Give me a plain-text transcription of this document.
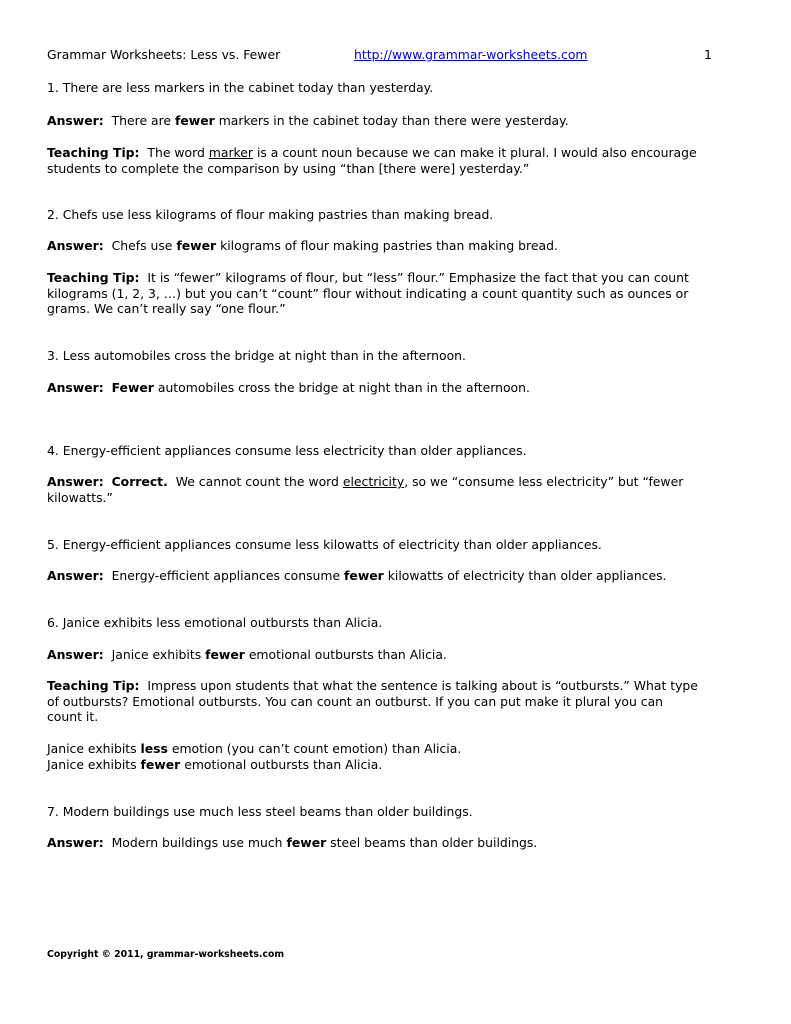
Grammar Worksheets: Less vs. Fewer	http://www.grammar-worksheets.com	1
1. There are less markers in the cabinet today than yesterday.
Answer: There are fewer markers in the cabinet today than there were yesterday.
Teaching Tip: The word marker is a count noun because we can make it plural. I would also encourage
students to complete the comparison by using “than [there were] yesterday.”
2. Chefs use less kilograms of flour making pastries than making bread.
Answer: Chefs use fewer kilograms of flour making pastries than making bread.
Teaching Tip: It is “fewer” kilograms of flour, but “less” flour.” Emphasize the fact that you can count
kilograms (1, 2, 3, …) but you can’t “count” flour without indicating a count quantity such as ounces or
grams. We can’t really say “one flour.”
3. Less automobiles cross the bridge at night than in the afternoon.
Answer: Fewer automobiles cross the bridge at night than in the afternoon.
4. Energy-efficient appliances consume less electricity than older appliances.
Answer: Correct. We cannot count the word electricity, so we “consume less electricity” but “fewer
kilowatts.”
5. Energy-efficient appliances consume less kilowatts of electricity than older appliances.
Answer: Energy-efficient appliances consume fewer kilowatts of electricity than older appliances.
6. Janice exhibits less emotional outbursts than Alicia.
Answer: Janice exhibits fewer emotional outbursts than Alicia.
Teaching Tip: Impress upon students that what the sentence is talking about is “outbursts.” What type
of outbursts? Emotional outbursts. You can count an outburst. If you can put make it plural you can
count it.
Janice exhibits less emotion (you can’t count emotion) than Alicia.
Janice exhibits fewer emotional outbursts than Alicia.
7. Modern buildings use much less steel beams than older buildings.
Answer: Modern buildings use much fewer steel beams than older buildings.
Copyright © 2011, grammar-worksheets.com
